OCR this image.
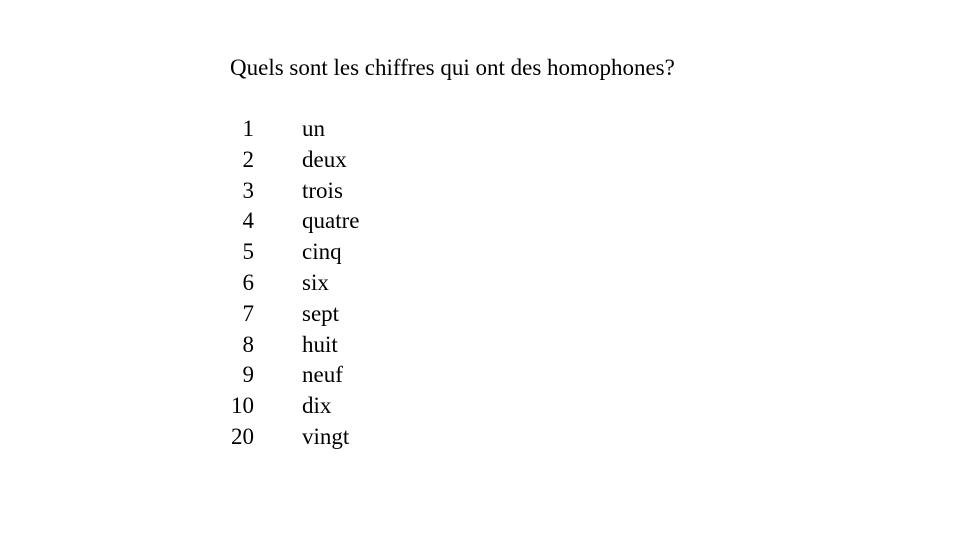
Quels sont les chiffres qui ont des homophones?
1 un
2 deux
3 trois
4 quatre
5 cinq
6 six
7 sept
8 huit
9 neuf
10 dix
20 vingt
